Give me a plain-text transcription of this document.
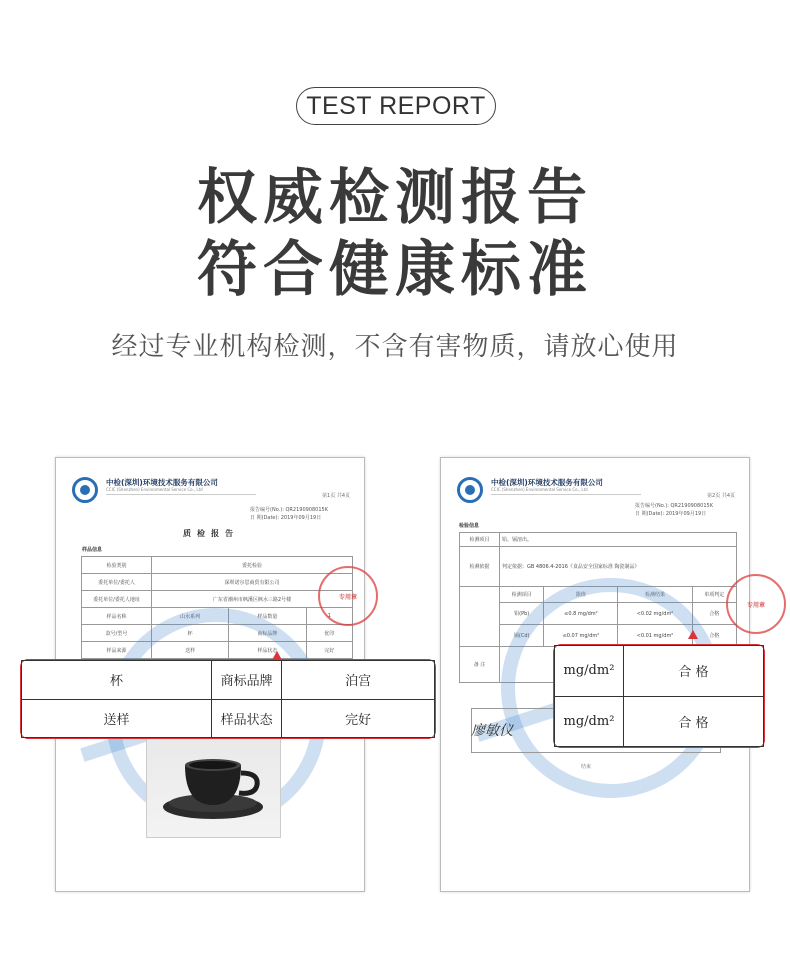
TEST REPORT
权威检测报告
符合健康标准
经过专业机构检测，不含有害物质，请放心使用
中检(深圳)环境技术服务有限公司
CCIC (Shenzhen) Environmental Service Co., Ltd
第1页 共4页
报告编号(No.): QR2190908015K
日 期(Date): 2019年09月19日
质检报告
样品信息
检验类别	委托检验		
委托单位/委托人	深圳诺尔思商贸有限公司		
委托单位/委托人地址	广东省潮州市枫溪区枫水三路2号楼		
样品名称	山水系列	样品数量	1
款号/型号	杯	商标品牌	优印
样品来源	送样	样品状态	完好
专用章
中检(深圳)环境技术服务有限公司
CCIC (Shenzhen) Environmental Service Co., Ltd
第2页 共4页
报告编号(No.): QR2190908015K
日 期(Date): 2019年09月19日
检验信息
检测项目	铅、镉溶出。			
检测依据	判定依据：GB 4806.4-2016《食品安全国家标准 陶瓷制品》			
	检测项目	限值	检测结果	单项判定
	铅(Pb)	≤0.8 mg/dm²	<0.02 mg/dm²	合格
	镉(Cd)	≤0.07 mg/dm²	<0.01 mg/dm²	合格
备 注				
专用章
廖敏仪
结束
杯	商标品牌	泊宫
送样	样品状态	完好
mg/dm²	合 格
mg/dm²	合 格
